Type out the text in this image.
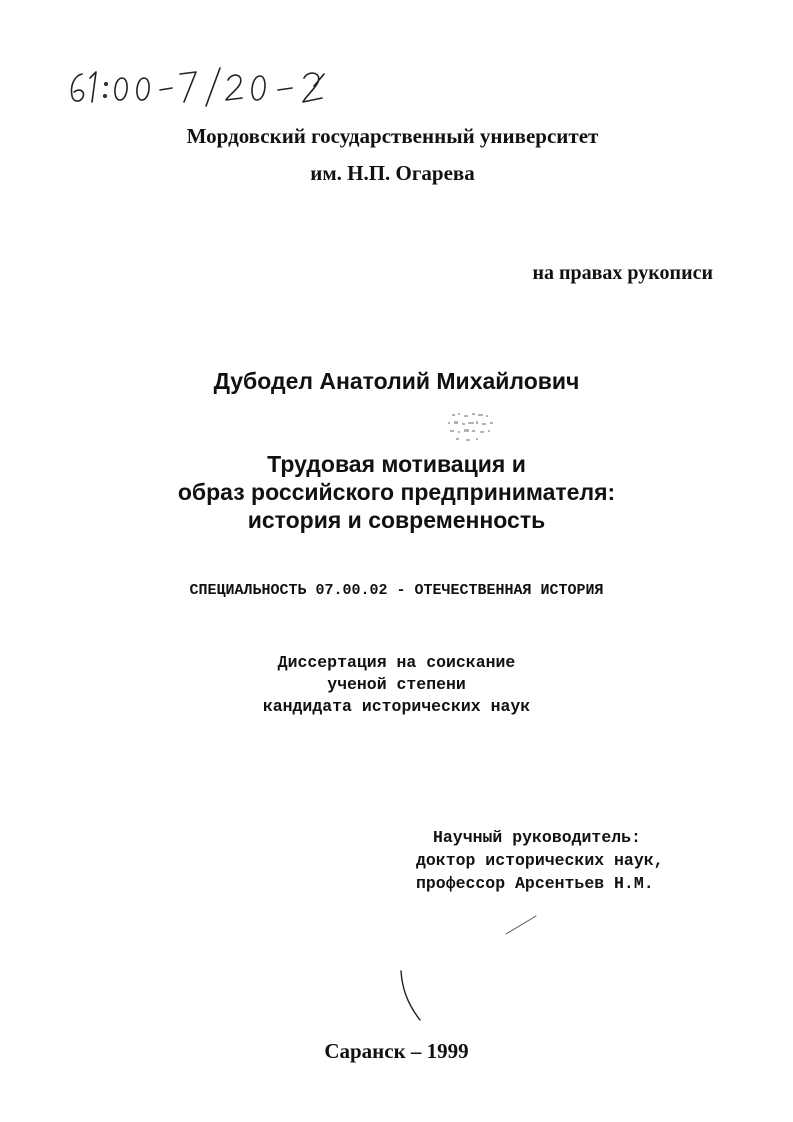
Мордовский государственный университет
им. Н.П. Огарева
на правах рукописи
Дубодел Анатолий Михайлович
Трудовая мотивация и
образ российского предпринимателя:
история и современность
СПЕЦИАЛЬНОСТЬ 07.00.02 - ОТЕЧЕСТВЕННАЯ ИСТОРИЯ
Диссертация на соискание
ученой степени
кандидата исторических наук
Научный руководитель:
доктор исторических наук,
профессор Арсентьев Н.М.
Саранск – 1999
